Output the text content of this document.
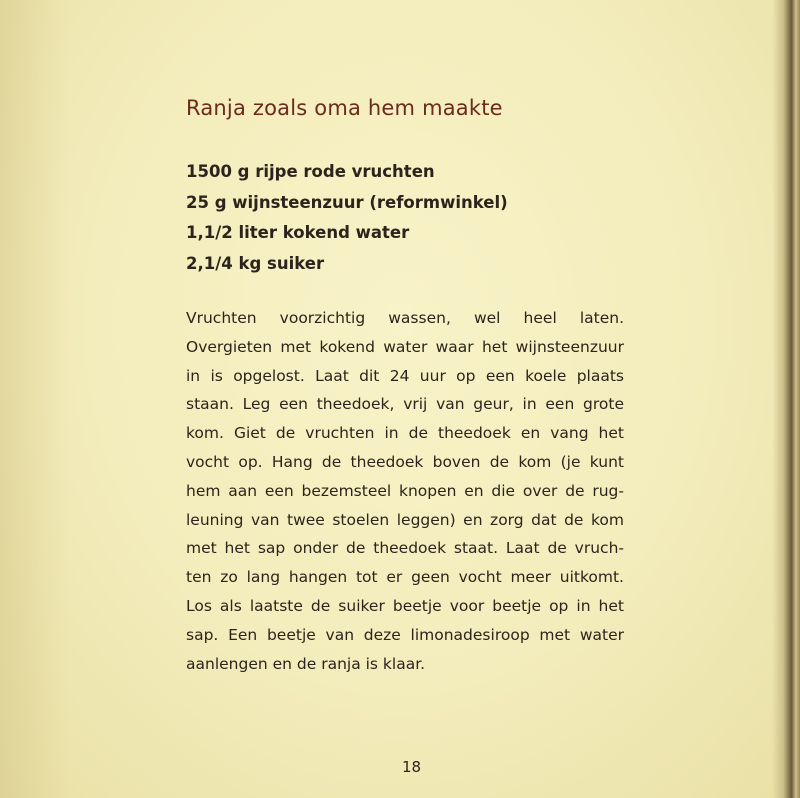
Ranja zoals oma hem maakte
1500 g rijpe rode vruchten
25 g wijnsteenzuur (reformwinkel)
1,1/2 liter kokend water
2,1/4 kg suiker

Vruchten voorzichtig wassen, wel heel laten.
Overgieten met kokend water waar het wijnsteenzuur
in is opgelost. Laat dit 24 uur op een koele plaats
staan. Leg een theedoek, vrij van geur, in een grote
kom. Giet de vruchten in de theedoek en vang het
vocht op. Hang de theedoek boven de kom (je kunt
hem aan een bezemsteel knopen en die over de rug-
leuning van twee stoelen leggen) en zorg dat de kom
met het sap onder de theedoek staat. Laat de vruch-
ten zo lang hangen tot er geen vocht meer uitkomt.
Los als laatste de suiker beetje voor beetje op in het
sap. Een beetje van deze limonadesiroop met water
aanlengen en de ranja is klaar.

18
